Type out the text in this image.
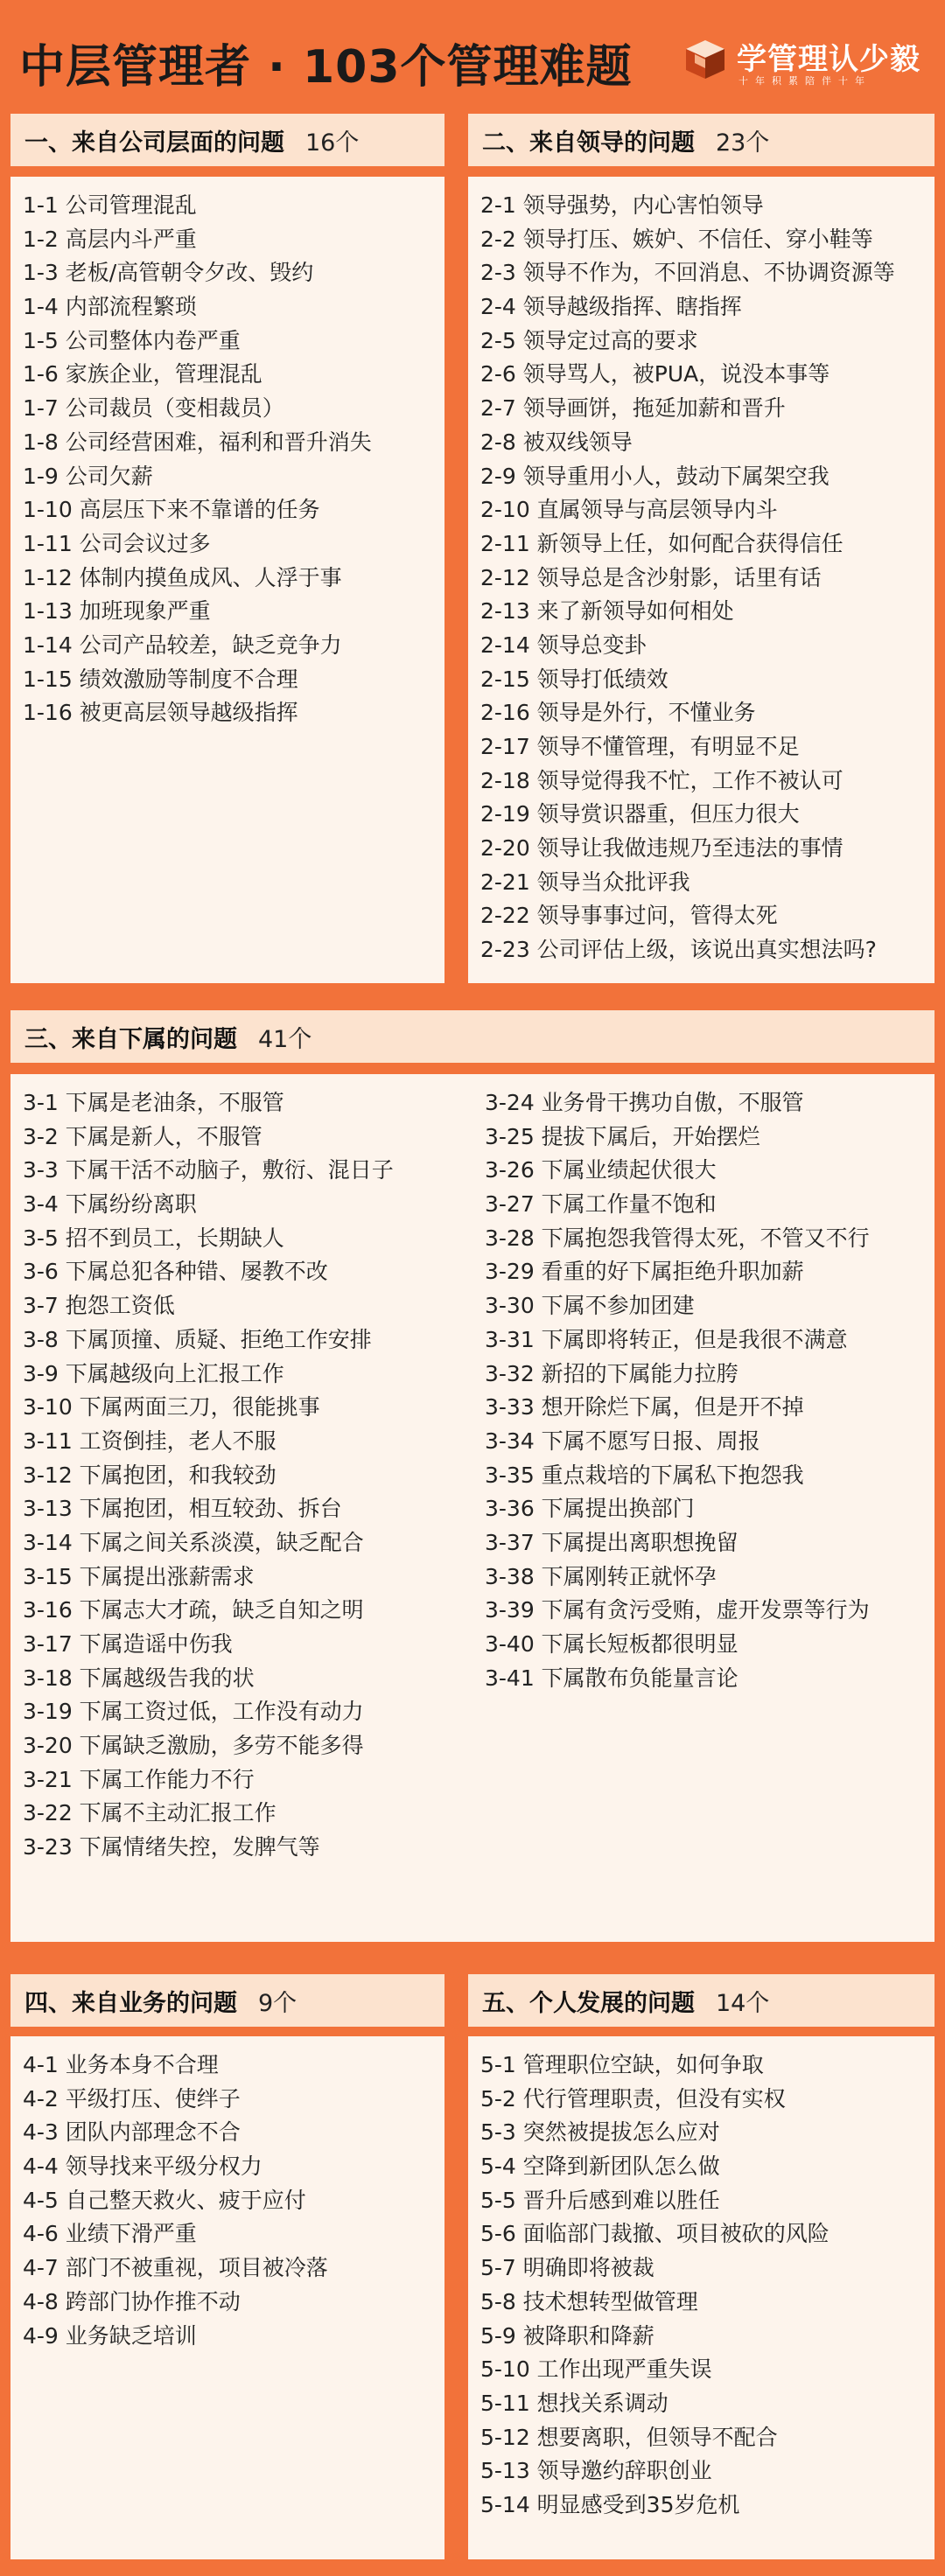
中层管理者 · 103个管理难题	学管理认少毅
十年积累陪伴十年
一、来自公司层面的问题 16个
1-1 公司管理混乱
1-2 高层内斗严重
1-3 老板/高管朝令夕改、毁约
1-4 内部流程繁琐
1-5 公司整体内卷严重
1-6 家族企业，管理混乱
1-7 公司裁员（变相裁员）
1-8 公司经营困难，福利和晋升消失
1-9 公司欠薪
1-10 高层压下来不靠谱的任务
1-11 公司会议过多
1-12 体制内摸鱼成风、人浮于事
1-13 加班现象严重
1-14 公司产品较差，缺乏竞争力
1-15 绩效激励等制度不合理
1-16 被更高层领导越级指挥
二、来自领导的问题 23个
2-1 领导强势，内心害怕领导
2-2 领导打压、嫉妒、不信任、穿小鞋等
2-3 领导不作为，不回消息、不协调资源等
2-4 领导越级指挥、瞎指挥
2-5 领导定过高的要求
2-6 领导骂人，被PUA，说没本事等
2-7 领导画饼，拖延加薪和晋升
2-8 被双线领导
2-9 领导重用小人，鼓动下属架空我
2-10 直属领导与高层领导内斗
2-11 新领导上任，如何配合获得信任
2-12 领导总是含沙射影，话里有话
2-13 来了新领导如何相处
2-14 领导总变卦
2-15 领导打低绩效
2-16 领导是外行，不懂业务
2-17 领导不懂管理，有明显不足
2-18 领导觉得我不忙，工作不被认可
2-19 领导赏识器重，但压力很大
2-20 领导让我做违规乃至违法的事情
2-21 领导当众批评我
2-22 领导事事过问，管得太死
2-23 公司评估上级，该说出真实想法吗?
三、来自下属的问题 41个
3-1 下属是老油条，不服管
3-2 下属是新人，不服管
3-3 下属干活不动脑子，敷衍、混日子
3-4 下属纷纷离职
3-5 招不到员工，长期缺人
3-6 下属总犯各种错、屡教不改
3-7 抱怨工资低
3-8 下属顶撞、质疑、拒绝工作安排
3-9 下属越级向上汇报工作
3-10 下属两面三刀，很能挑事
3-11 工资倒挂，老人不服
3-12 下属抱团，和我较劲
3-13 下属抱团，相互较劲、拆台
3-14 下属之间关系淡漠，缺乏配合
3-15 下属提出涨薪需求
3-16 下属志大才疏，缺乏自知之明
3-17 下属造谣中伤我
3-18 下属越级告我的状
3-19 下属工资过低，工作没有动力
3-20 下属缺乏激励，多劳不能多得
3-21 下属工作能力不行
3-22 下属不主动汇报工作
3-23 下属情绪失控，发脾气等
3-24 业务骨干携功自傲，不服管
3-25 提拔下属后，开始摆烂
3-26 下属业绩起伏很大
3-27 下属工作量不饱和
3-28 下属抱怨我管得太死，不管又不行
3-29 看重的好下属拒绝升职加薪
3-30 下属不参加团建
3-31 下属即将转正，但是我很不满意
3-32 新招的下属能力拉胯
3-33 想开除烂下属，但是开不掉
3-34 下属不愿写日报、周报
3-35 重点栽培的下属私下抱怨我
3-36 下属提出换部门
3-37 下属提出离职想挽留
3-38 下属刚转正就怀孕
3-39 下属有贪污受贿，虚开发票等行为
3-40 下属长短板都很明显
3-41 下属散布负能量言论
四、来自业务的问题 9个
4-1 业务本身不合理
4-2 平级打压、使绊子
4-3 团队内部理念不合
4-4 领导找来平级分权力
4-5 自己整天救火、疲于应付
4-6 业绩下滑严重
4-7 部门不被重视，项目被冷落
4-8 跨部门协作推不动
4-9 业务缺乏培训
五、个人发展的问题 14个
5-1 管理职位空缺，如何争取
5-2 代行管理职责，但没有实权
5-3 突然被提拔怎么应对
5-4 空降到新团队怎么做
5-5 晋升后感到难以胜任
5-6 面临部门裁撤、项目被砍的风险
5-7 明确即将被裁
5-8 技术想转型做管理
5-9 被降职和降薪
5-10 工作出现严重失误
5-11 想找关系调动
5-12 想要离职，但领导不配合
5-13 领导邀约辞职创业
5-14 明显感受到35岁危机
